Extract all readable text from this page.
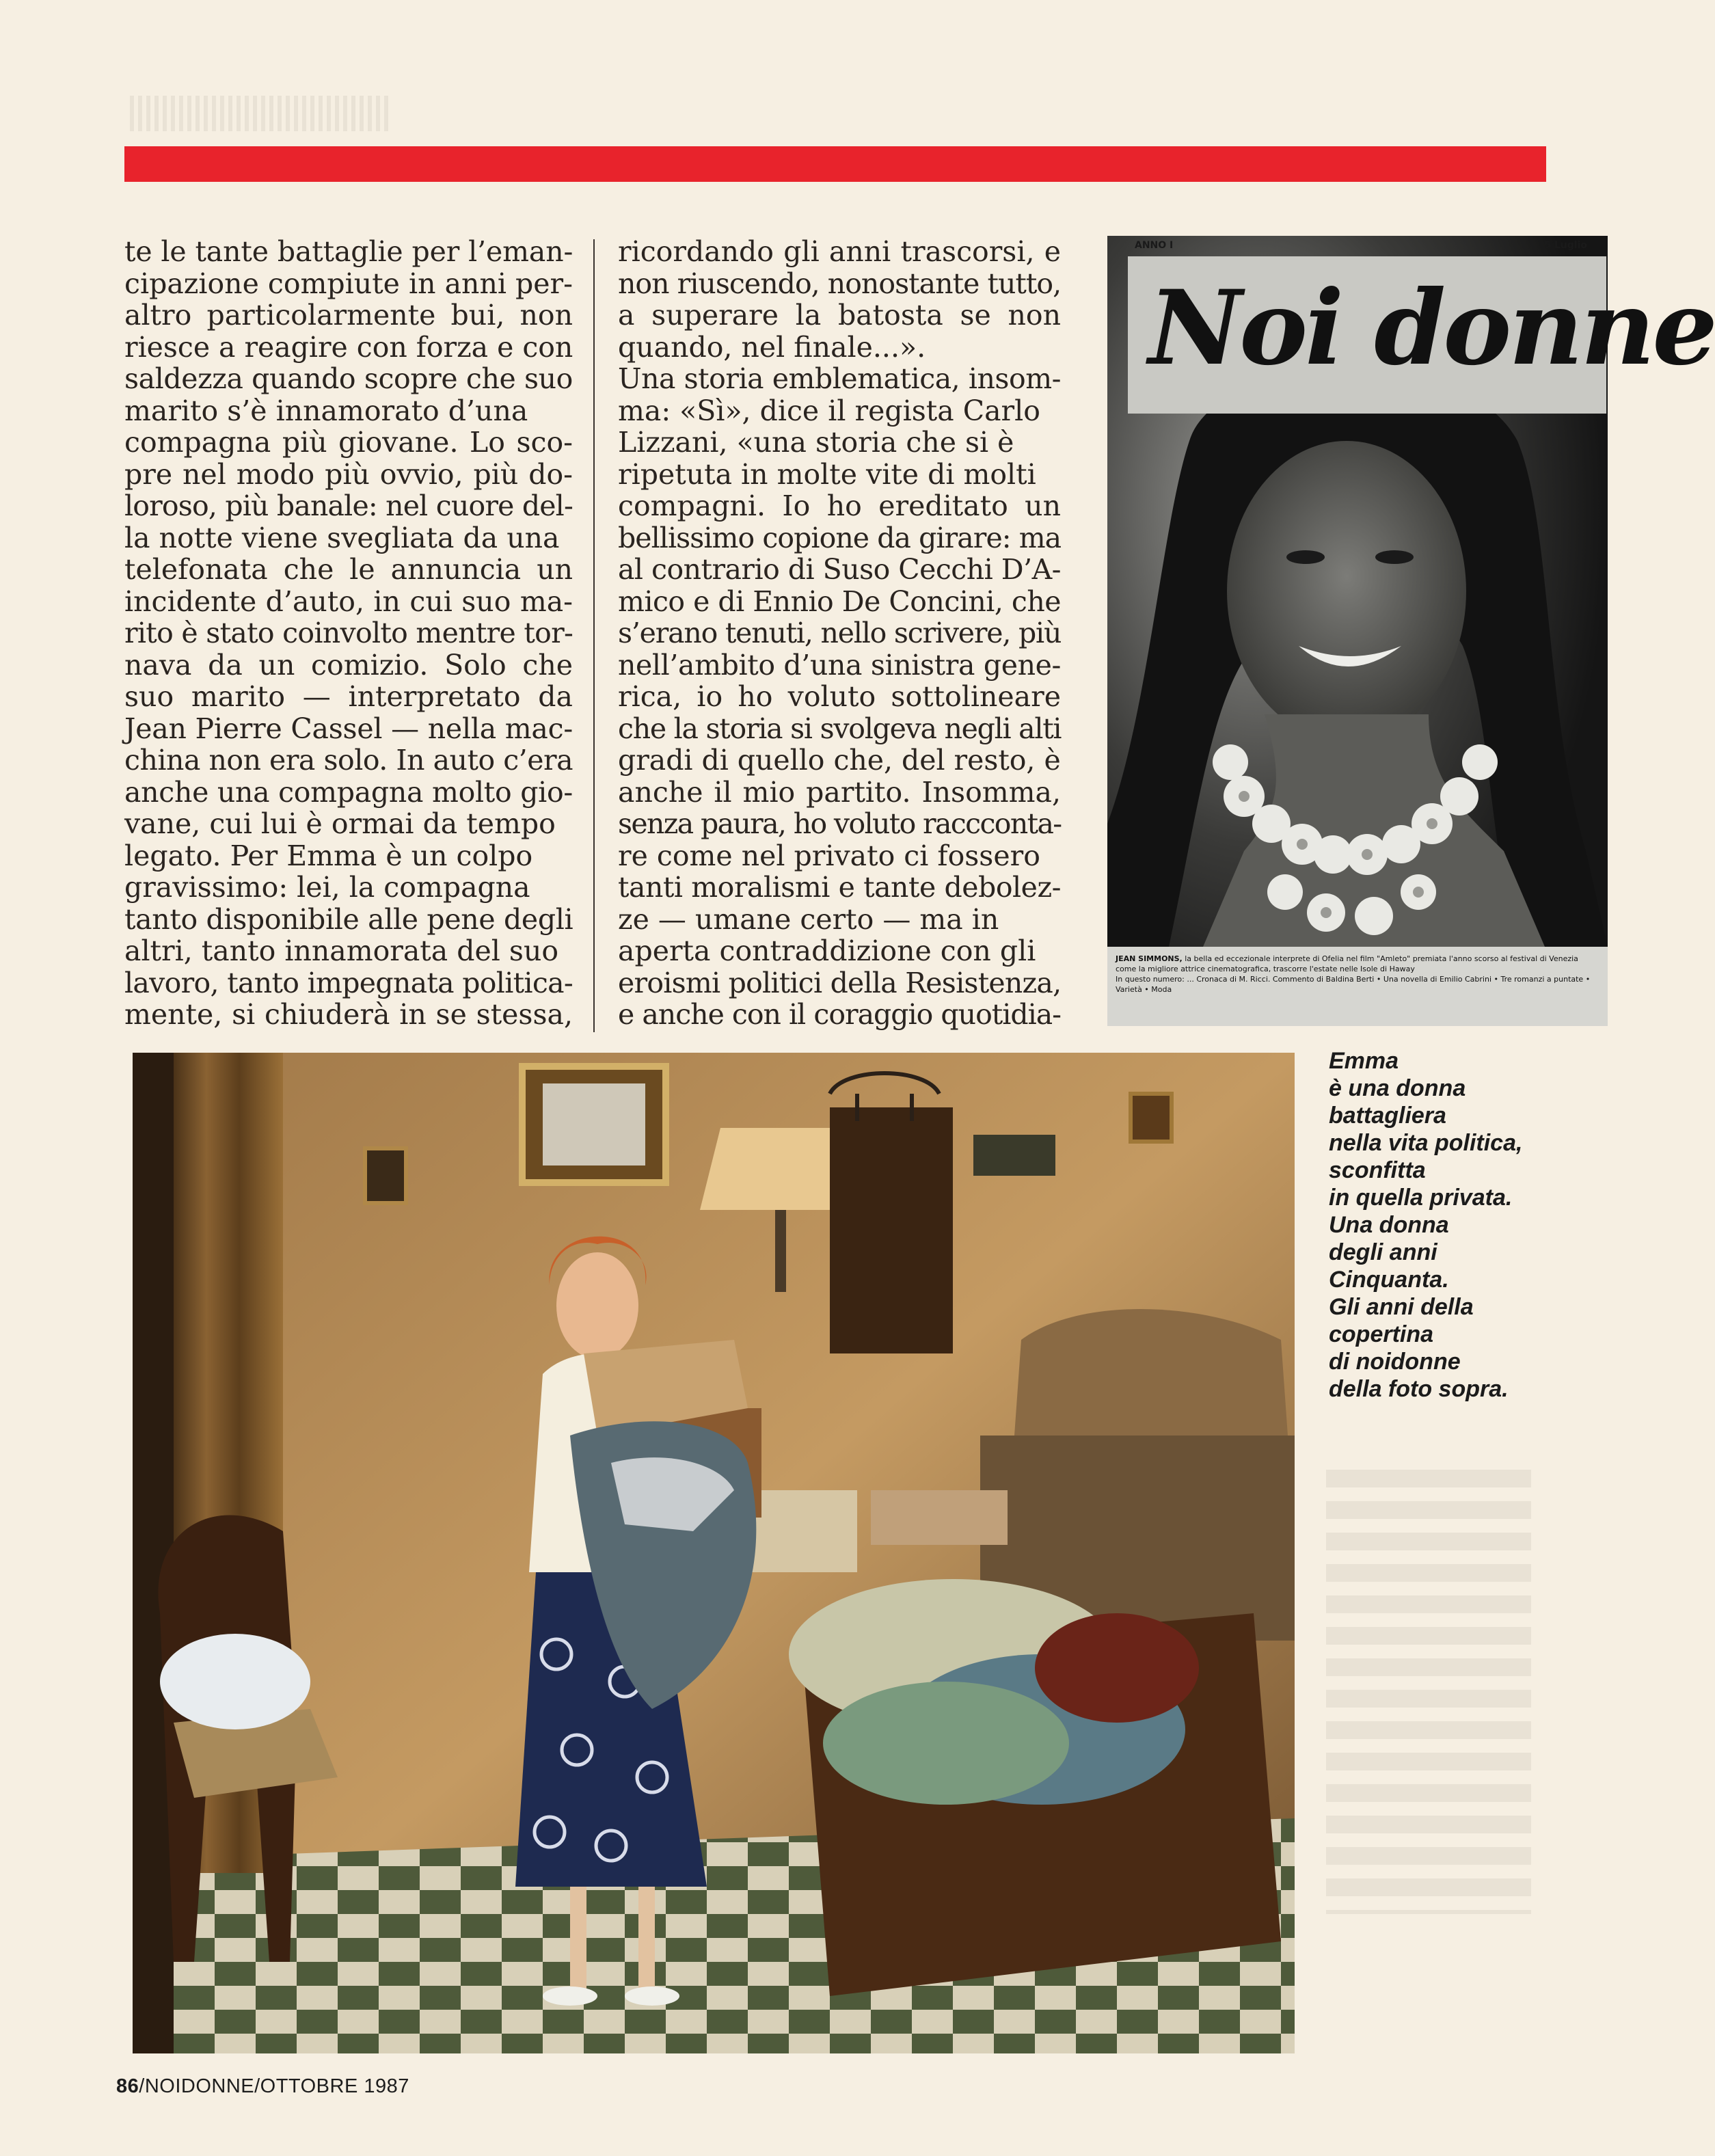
te le tante battaglie per l’eman-
cipazione compiute in anni per-
altro particolarmente bui, non
riesce a reagire con forza e con
saldezza quando scopre che suo
marito s’è innamorato d’una
compagna più giovane. Lo sco-
pre nel modo più ovvio, più do-
loroso, più banale: nel cuore del-
la notte viene svegliata da una
telefonata che le annuncia un
incidente d’auto, in cui suo ma-
rito è stato coinvolto mentre tor-
nava da un comizio. Solo che
suo marito — interpretato da
Jean Pierre Cassel — nella mac-
china non era solo. In auto c’era
anche una compagna molto gio-
vane, cui lui è ormai da tempo
legato. Per Emma è un colpo
gravissimo: lei, la compagna
tanto disponibile alle pene degli
altri, tanto innamorata del suo
lavoro, tanto impegnata politica-
mente, si chiuderà in se stessa,
ricordando gli anni trascorsi, e
non riuscendo, nonostante tutto,
a superare la batosta se non
quando, nel finale...».
Una storia emblematica, insom-
ma: «Sì», dice il regista Carlo
Lizzani, «una storia che si è
ripetuta in molte vite di molti
compagni. Io ho ereditato un
bellissimo copione da girare: ma
al contrario di Suso Cecchi D’A-
mico e di Ennio De Concini, che
s’erano tenuti, nello scrivere, più
nell’ambito d’una sinistra gene-
rica, io ho voluto sottolineare
che la storia si svolgeva negli alti
gradi di quello che, del resto, è
anche il mio partito. Insomma,
senza paura, ho voluto raccconta-
re come nel privato ci fossero
tanti moralismi e tante debolez-
ze — umane certo — ma in
aperta contraddizione con gli
eroismi politici della Resistenza,
e anche con il coraggio quotidia-
Noi donne
ANNO I	5 Luglio
JEAN SIMMONS, la bella ed eccezionale interprete di Ofelia nel film "Amleto" premiata l'anno scorso al festival di Venezia come la migliore attrice cinematografica, trascorre l'estate nelle Isole di Haway
In questo numero: ... Cronaca di M. Ricci. Commento di Baldina Berti • Una novella di Emilio Cabrini • Tre romanzi a puntate • Varietà • Moda
Emma
è una donna
battagliera
nella vita politica,
sconfitta
in quella privata.
Una donna
degli anni
Cinquanta.
Gli anni della
copertina
di noidonne
della foto sopra.
86/NOIDONNE/OTTOBRE 1987
